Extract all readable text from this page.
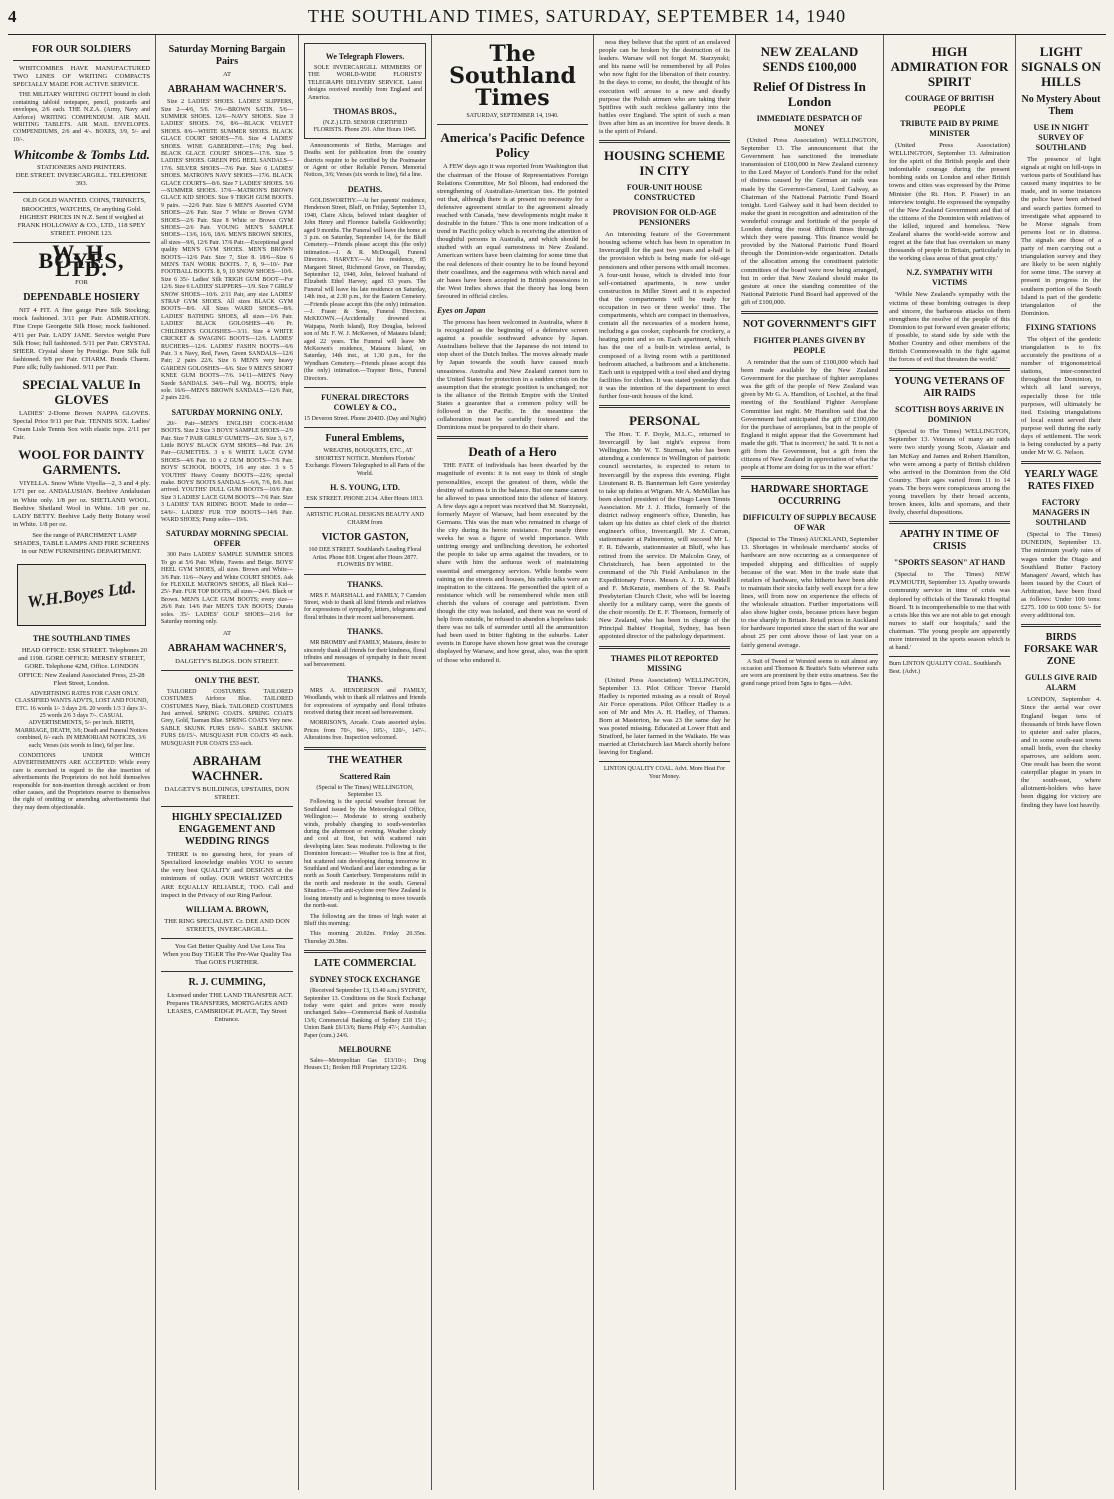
4	THE SOUTHLAND TIMES, SATURDAY, SEPTEMBER 14, 1940
FOR OUR SOLDIERS

WHITCOMBES HAVE MANUFACTURED TWO LINES OF WRITING COMPACTS SPECIALLY MADE FOR ACTIVE SERVICE.

THE MILITARY WRITING OUTFIT bound in cloth containing tabloid notepaper, pencil, postcards and envelopes, 2/6 each. THE N.Z.A. (Army, Navy and Airforce) WRITING COMPENDIUM. AIR MAIL WRITING TABLETS. AIR MAIL ENVELOPES. COMPENDIUMS, 2/6 and 4/-. BOXES, 3/9, 5/- and 10/-.

Whitcombe & Tombs Ltd.
STATIONERS AND PRINTERS.
DEE STREET. INVERCARGILL. TELEPHONE 393.

OLD GOLD WANTED. COINS, TRINKETS, BROOCHES, WATCHES, Or anything Gold. HIGHEST PRICES IN N.Z. Sent if weighed at FRANK HOLLOWAY & CO., LTD., 118 SPEY STREET. PHONE 123.

W. H. BOYES, LTD.
FOR
DEPENDABLE HOSIERY

NIT 4 FIT. A fine gauge Pure Silk Stocking; mock fashioned. 3/11 per Pair. ADMIRATION. Fine Crepe Georgette Silk Hose; mock fashioned. 4/11 per Pair. LADY JANE. Service weight Pure Silk Hose; full fashioned. 5/11 per Pair. CRYSTAL SHEER. Crystal sheer by Prestige. Pure Silk full fashioned. 9/8 per Pair. CHARM. Bonds Charm. Pure silk; fully fashioned. 9/11 per Pair.

SPECIAL VALUE In GLOVES

LADIES' 2-Dome Brown NAPPA GLOVES. Special Price 9/11 per Pair. TENNIS SOX. Ladies' Cream Lisle Tennis Sox with elastic tops. 2/11 per Pair.

WOOL FOR DAINTY GARMENTS.

VIYELLA. Snow White Viyella—2, 3 and 4 ply. 1/71 per oz. ANDALUSIAN. Beehive Andalusian in White only. 1/8 per oz. SHETLAND WOOL. Beehive Shetland Wool in White. 1/8 per oz. LADY BETTY. Beehive Lady Betty Botany wool in White. 1/8 per oz.

See the range of PARCHMENT LAMP SHADES, TABLE LAMPS AND FIRE SCREENS in our NEW FURNISHING DEPARTMENT.

W.H.Boyes Ltd.
THE SOUTHLAND TIMES

HEAD OFFICE: ESK STREET. Telephones 20 and 1198. GORE OFFICE: MERSEY STREET, GORE. Telephone 42M, Office. LONDON OFFICE: New Zealand Associated Press, 23-28 Fleet Street, London.

ADVERTISING RATES FOR CASH ONLY. CLASSIFIED WANTS ADVTS, LOST AND FOUND, ETC. 16 words 1/- 3 days 2/6. 20 words 1/3 3 days 3/-. 25 words 2/6 3 days 7/-. CASUAL ADVERTISEMENTS, 5/- per inch. BIRTH, MARRIAGE, DEATH, 3/6; Death and Funeral Notices combined, 6/- each. IN MEMORIAM NOTICES, 3/6 each; Verses (six words to line), 6d per line.

CONDITIONS UNDER WHICH ADVERTISEMENTS ARE ACCEPTED: While every care is exercised in regard to the due insertion of advertisements the Proprietors do not hold themselves responsible for non-insertion through accident or from other causes, and the Proprietors reserve to themselves the right of omitting or amending advertisements that they may deem objectionable.

Saturday Morning Bargain Pairs
AT
ABRAHAM WACHNER'S.

Size 2 LADIES' SHOES. LADIES' SLIPPERS, Size 2—4/6, 5/6. 7/6—BROWN SATIN. 5/6—SUMMER SHOES. 12/6—NAVY SHOES. Size 3 LADIES' SHOES. 7/6, 8/6—BLACK VELVET SHOES. 8/6—WHITE SUMMER SHOES. BLACK GLACE COURT SHOES—7/6. Size 4 LADIES' SHOES. WINE GABERDINE—17/6; Peg heel. BLACK GLACE COURT SHOES—17/6. Size 5 LADIES' SHOES. GREEN PEG HEEL SANDALS—17/6. SILVER SHOES—7/6 Pair. Size 6 LADIES' SHOES. MATRON'S NAVY SHOES—17/6. BLACK GLACE COURTS—8/6. Size 7 LADIES' SHOES. 5/6—SUMMER SHOES. 17/6—MATRON'S BROWN GLACE KID SHOES. Size 9 TRIGH GUM BOOTS. 9 pairs. —22/6 Pair. Size 6 MEN'S Assorted GYM SHOES—2/6 Pair. Size 7 White or Brown GYM SHOES—2/6 Pair. Size 8 White or Brown GYM SHOES—2/6 Pair. YOUNG MEN'S SAMPLE SHOES—13/6, 16/6, 18/6. MEN'S BROWN SHOES, all sizes—9/6, 12/6 Pair. 17/6 Pair.—Exceptional good quality MEN'S GYM SHOES. MEN'S BROWN BOOTS—12/6 Pair. Size 7, Size 8. 18/6—Size 6 MEN'S TAN WORK BOOTS. 7, 8, 9—10/- Pair FOOTBALL BOOTS. 8, 9, 10 SNOW SHOES—10/6. Size 6 35/- Ladies' Silk TRIGH GUM BOOT—For 12/6. Size 6 LADIES' SLIPPERS—1/9. Size 7 GIRLS' SNOW SHOES—10/6. 2/11 Pair, any size LADIES' STRAP GYM SHOES. All sizes BLACK GYM BOOTS—8/6. All Sizes WARD SHOES—8/6. LADIES' BATHING SHOES, all sizes—1/6 Pair. LADIES' BLACK GOLOSHES—4/6 Pr. CHILDREN'S GOLOSHES—3/11. Size 4 WHITE CRICKET & SWAGING BOOTS—12/6. LADIES' RUCHERS—12/6. LADIES' FASHN BOOTS—6/6 Pair. 3 x Navy, Red, Fawn, Green SANDALS—12/6 Pair; 2 pairs 22/6. Size 6 MEN'S very heavy GARDEN GOLOSHES—6/6. Size 9 MEN'S SHORT KNEE GUM BOOTS—7/6. 14/11—MEN'S Navy Suede SANDALS. 34/6—Full Wg. BOOTS; triple sole. 16/6—MEN'S BROWN SANDALS—12/6 Pair, 2 pairs 22/6.

SATURDAY MORNING ONLY.

20/- Pair—MEN'S ENGLISH COCK-HAM BOOTS. Size 2 Size 3 BOYS' SAMPLE SHOES—2/9 Pair. Size 7 PAIR GIRLS' GUMETS—2/6. Size 3, 6 7, Little BOYS' BLACK GYM SHOES—8d Pair. 2/6 Pair—GUMETTES. 3 x 6 WHITE LACE GYM SHOES—4/6 Pair. 10 x 2 GUM BOOTS—7/6 Pair. BOYS' SCHOOL BOOTS, 1/6 any size. 3 x 5 YOUTHS' Heavy County BOOTS—22/6; special make. BOYS' BOOTS SANDALS—6/6, 7/6, 8/6. Just arrived. YOUTHS' DULL GUM BOOTS—10/6 Pair. Size 3 LADIES' LACE GUM BOOTS—7/6 Pair. Size 3 LADIES' TAN RIDING BOOT. Made to order—£4/6/-. LADIES' FUR TOP BOOTS—14/6 Pair. WARD SHOES; Pump soles—19/6.

SATURDAY MORNING SPECIAL OFFER

300 Pairs LADIES' SAMPLE SUMMER SHOES To go at 5/6 Pair. White, Fawns and Beige. BOYS' HEEL GYM SHOES, all sizes. Brown and White—3/6 Pair. 11/6—Navy and White COURT SHOES. Ask for FLEXILE MATRON'S SHOES, all Black Kid—25/- Pair. FUR TOP BOOTS, all sizes—24/6. Black or Brown. MEN'S LACE GUM BOOTS; every size—26/6 Pair. 14/6 Pair MEN'S TAN BOOTS; Durata soles. 35/- LADIES' GOLF SHOES—21/6 for Saturday morning only.

AT
ABRAHAM WACHNER'S,
DALGETY'S BLDGS. DON STREET.
ONLY THE BEST.

TAILORED COSTUMES. TAILORED COSTUMES Airforce Blue. TAILORED COSTUMES Navy, Black. TAILORED COSTUMES Just arrived. SPRING COATS. SPRING COATS Grey, Gold, Tasman Blue. SPRING COATS Very new. SABLE SKUNK FURS £6/9/-. SABLE SKUNK FURS £6/15/-. MUSQUASH FUR COATS 45 each. MUSQUASH FUR COATS £53 each.

ABRAHAM WACHNER.
DALGETY'S BUILDINGS, UPSTAIRS, DON STREET.
HIGHLY SPECIALIZED ENGAGEMENT AND WEDDING RINGS

THERE is no guessing here, for years of Specialized knowledge enables YOU to secure the very best QUALITY and DESIGNS at the minimum of outlay. OUR WRIST WATCHES ARE EQUALLY RELIABLE, TOO. Call and inspect in the Privacy of our Ring Parlour.

WILLIAM A. BROWN,
THE RING SPECIALIST. Cr. DEE AND DON STREETS, INVERCARGILL.

You Get Better Quality And Use Less Tea When you Buy TIGER The Pre-War Quality Tea That GOES FURTHER.

R. J. CUMMING,

Licensed under THE LAND TRANSFER ACT. Prepares TRANSFERS, MORTGAGES AND LEASES, CAMBRIDGE PLACE, Tay Street Entrance.

We Telegraph Flowers.

SOLE INVERCARGILL MEMBERS OF THE WORLD-WIDE FLORISTS' TELEGRAPH DELIVERY SERVICE. Latest designs received monthly from England and America.

THOMAS BROS.,
(N.Z.) LTD. SENIOR CERTIFIED FLORISTS. Phone 291. After Hours 1045.

Announcements of Births, Marriages and Deaths sent for publication from the country districts require to be certified by the Postmaster or Agent or other Reliable Person. Memorial Notices, 3/6; Verses (six words to line), 6d a line.

DEATHS.

GOLDSWORTHY.—At her parents' residence, Henderson Street, Bluff, on Friday, September 13, 1940, Claire Alicia, beloved infant daughter of John Henry and Florence Isabella Goldsworthy; aged 9 months. The Funeral will leave the home at 3 p.m. on Saturday, September 14, for the Bluff Cemetery.—Friends please accept this (the only) intimation.—J. & R. McDougall, Funeral Directors. HARVEY.—At his residence, 85 Margaret Street, Richmond Grove, on Thursday, September 12, 1940, John, beloved husband of Elizabeth Ethel Harvey; aged 63 years. The Funeral will leave his late residence on Saturday, 14th inst., at 2.30 p.m., for the Eastern Cemetery.—Friends please accept this (the only) intimation.—J. Fraser & Sons, Funeral Directors. McKEOWN.—(Accidentally drowned at Waipapa, North Island), Roy Douglas, beloved son of Mr. F. W. J. McKeown, of Mataura Island; aged 22 years. The Funeral will leave Mr McKeown's residence, Mataura Island, on Saturday, 14th inst., at 1.30 p.m., for the Wyndham Cemetery.—Friends please accept this (the only) intimation.—Traynor Bros., Funeral Directors.

FUNERAL DIRECTORS COWLEY & CO.,
15 Deveron Street. Phone 2040D. (Day and Night)
Funeral Emblems,

WREATHS, BOUQUETS, ETC., AT SHORTEST NOTICE. Members Florists' Exchange. Flowers Telegraphed to all Parts of the World.

H. S. YOUNG, LTD.
ESK STREET. PHONE 2134. After Hours 1813.
ARTISTIC FLORAL DESIGNS BEAUTY AND CHARM from
VICTOR GASTON,
160 DEE STREET. Southland's Leading Floral Artist. Phone 818. Urgent after Hours 2877. FLOWERS BY WIRE.
THANKS.

MRS F. MARSHALL and FAMILY, 7 Camden Street, wish to thank all kind friends and relatives for expressions of sympathy, letters, telegrams and floral tributes in their recent sad bereavement.

THANKS.

MR BROMBY and FAMILY, Mataura, desire to sincerely thank all friends for their kindness, floral tributes and messages of sympathy in their recent sad bereavement.

THANKS.

MRS A. HENDERSON and FAMILY, Woodlands, wish to thank all relatives and friends for expressions of sympathy and floral tributes received during their recent sad bereavement.

MORRISON'S, Arcade. Coats assorted styles. Prices from 70/-, 84/-, 105/-, 120/-, 147/-. Alterations free. Inspection welcomed.

THE WEATHER
Scattered Rain
(Special to The Times) WELLINGTON, September 13.

Following is the special weather forecast for Southland issued by the Meteorological Office, Wellington:— Moderate to strong southerly winds, probably changing to south-westerlies during the afternoon or evening. Weather cloudy and cool at first, but with scattered rain developing later. Seas moderate. Following is the Dominion forecast:— Weather too is fine at first, but scattered rain developing during tomorrow in Southland and Westland and later extending as far north as South Canterbury. Temperatures mild in the north and moderate in the south. General Situation.—The anti-cyclone over New Zealand is losing intensity and is beginning to move towards the north-east.

The following are the times of high water at Bluff this morning:

This morning 20.02m. Friday 20.35m. Thursday 20.38m.

LATE COMMERCIAL
SYDNEY STOCK EXCHANGE

(Received September 13, 13.40 a.m.) SYDNEY, September 13. Conditions on the Stock Exchange today were quiet and prices were mostly unchanged. Sales—Commercial Bank of Australia 13/6; Commercial Banking of Sydney £18 15/-; Union Bank £6/13/6; Burns Philp 47/-; Australian Paper (cum.) 24/6.

MELBOURNE

Sales—Metropolitan Gas £13/10/-; Drug Houses £1; Broken Hill Proprietary £2/2/6.

The Southland Times
SATURDAY, SEPTEMBER 14, 1940.
America's Pacific Defence Policy

A FEW days ago it was reported from Washington that the chairman of the House of Representatives Foreign Relations Committee, Mr Sol Bloom, had endorsed the strengthening of Australian-American ties. He pointed out that, although there is at present no necessity for a defensive agreement similar to the agreement already reached with Canada, 'new developments might make it desirable in the future.' This is one more indication of a trend in Pacific policy which is receiving the attention of thoughtful persons in Australia, and which should be studied with an equal earnestness in New Zealand. American writers have been claiming for some time that the real defences of their country lie to be found beyond their coastlines, and the eagerness with which naval and air bases have been accepted in British possessions in the West Indies shows that the theory has long been favoured in official circles.

Eyes on Japan

The process has been welcomed in Australia, where it is recognized as the beginning of a defensive screen against a possible southward advance by Japan. Australians believe that the Japanese do not intend to stop short of the Dutch Indies. The moves already made by Japan towards the south have caused much uneasiness. Australia and New Zealand cannot turn to the United States for protection in a sudden crisis on the assumption that the strategic position is unchanged; nor is the alliance of the British Empire with the United States a guarantee that a common policy will be followed in the Pacific. In the meantime the collaboration must be carefully fostered and the Dominions must be prepared to do their share.

Death of a Hero

THE FATE of individuals has been dwarfed by the magnitude of events: it is not easy to think of single personalities, except the greatest of them, while the destiny of nations is in the balance. But one name cannot be allowed to pass unnoticed into the silence of history. A few days ago a report was received that M. Starzynski, formerly Mayor of Warsaw, had been executed by the Germans. This was the man who remained in charge of the city during its heroic resistance. For nearly three weeks he was a figure of world importance. With untiring energy and unflinching devotion, he exhorted the people to take up arms against the invaders, or to share with him the arduous work of maintaining essential and emergency services. While bombs were raining on the streets and houses, his radio talks were an inspiration to the citizens. He personified the spirit of a resistance which will be remembered while men still cherish the values of courage and patriotism. Even though the city was isolated, and there was no word of help from outside, he refused to abandon a hopeless task: there was no talk of surrender until all the ammunition had been used in bitter fighting in the suburbs. Later events in Europe have shown how great was the courage displayed by Warsaw, and how great, also, was the spirit of those who endured it.

ness they believe that the spirit of an enslaved people can be broken by the destruction of its leaders. Warsaw will not forget M. Starzynski; and his name will be remembered by all Poles who now fight for the liberation of their country. In the days to come, no doubt, the thought of his execution will arouse to a new and deadly purpose the Polish airmen who are taking their Spitfires with such reckless gallantry into the battles over England. The spirit of such a man lives after him as an incentive for brave deeds. It is the spirit of Poland.

HOUSING SCHEME IN CITY
FOUR-UNIT HOUSE CONSTRUCTED
PROVISION FOR OLD-AGE PENSIONERS

An interesting feature of the Government housing scheme which has been in operation in Invercargill for the past two years and a-half is the provision which is being made for old-age pensioners and other persons with small incomes. A four-unit house, which is divided into four self-contained apartments, is now under construction in Miller Street and it is expected that the compartments will be ready for occupation in two or three weeks' time. The compartments, which are compact in themselves, contain all the necessaries of a modern home, including a gas cooker, cupboards for crockery, a heating point and so on. Each apartment, which has the use of a built-in wireless aerial, is composed of a living room with a partitioned bedroom attached, a bathroom and a kitchenette. Each unit is equipped with a tool shed and drying facilities for clothes. It was stated yesterday that it was the intention of the department to erect further four-unit houses of the kind.

PERSONAL

The Hon. T. F. Doyle, M.L.C., returned to Invercargill by last night's express from Wellington. Mr W. T. Sturman, who has been attending a conference in Wellington of patriotic council secretaries, is expected to return to Invercargill by the express this evening. Flight Lieutenant R. B. Bannerman left Gore yesterday to take up duties at Wigram. Mr A. McMillan has been elected president of the Otago Lawn Tennis Association. Mr J. J. Hicks, formerly of the district railway engineer's office, Dunedin, has taken up his duties as chief clerk of the district engineer's office, Invercargill. Mr J. Curran, stationmaster at Palmerston, will succeed Mr L. F. R. Edwards, stationmaster at Bluff, who has retired from the service. Dr Malcolm Gray, of Christchurch, has been appointed to the command of the 7th Field Ambulance in the Expeditionary Force. Messrs A. J. D. Waddell and F. McKenzie, members of the St. Paul's Presbyterian Church Choir, who will be leaving shortly for a military camp, were the guests of the choir recently. Dr E. F. Thomson, formerly of New Zealand, who has been in charge of the Principal Babies' Hospital, Sydney, has been appointed director of the pathology department.

THAMES PILOT REPORTED MISSING

(United Press Association) WELLINGTON, September 13. Pilot Officer Trevor Harold Hadley is reported missing as a result of Royal Air Force operations. Pilot Officer Hadley is a son of Mr and Mrs A. H. Hadley, of Thames. Born at Masterton, he was 23 the same day he was posted missing. Educated at Lower Hutt and Stratford, he later farmed in the Waikato. He was married at Christchurch last March shortly before leaving for England.

LINTON QUALITY COAL. Advt. More Heat For Your Money.
NEW ZEALAND SENDS £100,000
Relief Of Distress In London
IMMEDIATE DESPATCH OF MONEY

(United Press Association) WELLINGTON, September 13. The announcement that the Government has sanctioned the immediate transmission of £100,000 in New Zealand currency to the Lord Mayor of London's Fund for the relief of distress caused by the German air raids was made by the Governor-General, Lord Galway, as Chairman of the National Patriotic Fund Board tonight. Lord Galway said it had been decided to make the grant in recognition and admiration of the wonderful courage and fortitude of the people of London during the most difficult times through which they were passing. This finance would be provided by the National Patriotic Fund Board through the Dominion-wide organization. Details of the allocation among the constituent patriotic committees of the board were now being arranged, but in order that New Zealand should make its gesture at once the standing committee of the National Patriotic Fund Board had approved of the gift of £100,000.

NOT GOVERNMENT'S GIFT
FIGHTER PLANES GIVEN BY PEOPLE

A reminder that the sum of £100,000 which had been made available by the New Zealand Government for the purchase of fighter aeroplanes was the gift of the people of New Zealand was given by Mr G. A. Hamilton, of Lochiel, at the final meeting of the Southland Fighter Aeroplane Committee last night. Mr Hamilton said that the Government had anticipated the gift of £100,000 for the purchase of aeroplanes, but in the people of England it might appear that the Government had made the gift. 'That is incorrect,' he said. 'It is not a gift from the Government, but a gift from the citizens of New Zealand in appreciation of what the people at Home are doing for us in the war effort.'

HARDWARE SHORTAGE OCCURRING
DIFFICULTY OF SUPPLY BECAUSE OF WAR

(Special to The Times) AUCKLAND, September 13. Shortages in wholesale merchants' stocks of hardware are now occurring as a consequence of impeded shipping and difficulties of supply because of the war. Men in the trade state that retailers of hardware, who hitherto have been able to maintain their stocks fairly well except for a few lines, will from now on experience the effects of the wholesale situation. Further importations will also show higher costs, because prices have begun to rise sharply in Britain. Retail prices in Auckland for hardware imported since the start of the war are about 25 per cent above those of last year on a fairly general average.

A Suit of Tweed or Worsted seems to suit almost any occasion and Thomson & Beattie's Suits wherever suits are worn are prominent by their extra smartness. See the grand range priced from 5gns to 8gns.—Advt.

HIGH ADMIRATION FOR SPIRIT
COURAGE OF BRITISH PEOPLE
TRIBUTE PAID BY PRIME MINISTER

(United Press Association) WELLINGTON, September 13. Admiration for the spirit of the British people and their indomitable courage during the present bombing raids on London and other British towns and cities was expressed by the Prime Minister (the Rt. Hon. P. Fraser) in an interview tonight. He expressed the sympathy of the New Zealand Government and that of the citizens of the Dominion with relatives of the killed, injured and homeless. 'New Zealand shares the world-wide sorrow and regret at the fate that has overtaken so many thousands of people in Britain, particularly in the working class areas of that great city.'

N.Z. SYMPATHY WITH VICTIMS

'While New Zealand's sympathy with the victims of these bombing outrages is deep and sincere, the barbarous attacks on them strengthens the resolve of the people of this Dominion to put forward even greater efforts; if possible, to stand side by side with the Mother Country and other members of the British Commonwealth in the fight against the forces of evil that threaten the world.'

YOUNG VETERANS OF AIR RAIDS
SCOTTISH BOYS ARRIVE IN DOMINION

(Special to The Times) WELLINGTON, September 13. Veterans of many air raids were two sturdy young Scots, Alastair and Ian McKay and James and Robert Hamilton, who were among a party of British children who arrived in the Dominion from the Old Country. Their ages varied from 11 to 14 years. The boys were conspicuous among the young travellers by their broad accents, brown knees, kilts and sporrans, and their lively, cheerful dispositions.

APATHY IN TIME OF CRISIS
"SPORTS SEASON" AT HAND

(Special to The Times) NEW PLYMOUTH, September 13. Apathy towards community service in time of crisis was deplored by officials of the Taranaki Hospital Board. 'It is incomprehensible to me that with a crisis like this we are not able to get enough nurses to staff our hospitals,' said the chairman. 'The young people are apparently more interested in the sports season which is at hand.'

Burn LINTON QUALITY COAL. Southland's Best. (Advt.)
LIGHT SIGNALS ON HILLS
No Mystery About Them
USE IN NIGHT SURVEY OF SOUTHLAND

The presence of light signals at night on hill-tops in various parts of Southland has caused many inquiries to be made, and in some instances the police have been advised and search parties formed to investigate what appeared to be Morse signals from persons lost or in distress. The signals are those of a party of men carrying out a triangulation survey and they are likely to be seen nightly for some time. The survey at present in progress in the southern portion of the South Island is part of the geodetic triangulation of the Dominion.

FIXING STATIONS

The object of the geodetic triangulation is to fix accurately the positions of a number of trigonometrical stations, inter-connected throughout the Dominion, to which all land surveys, especially those for title purposes, will ultimately be tied. Existing triangulations of local extent served their purpose well during the early days of settlement. The work is being conducted by a party under Mr W. G. Nelson.

YEARLY WAGE RATES FIXED
FACTORY MANAGERS IN SOUTHLAND

(Special to The Times) DUNEDIN, September 13. The minimum yearly rates of wages under the Otago and Southland Butter Factory Managers' Award, which has been issued by the Court of Arbitration, have been fixed as follows: Under 100 tons: £275. 100 to 600 tons: 5/- for every additional ton.

BIRDS FORSAKE WAR ZONE
GULLS GIVE RAID ALARM

LONDON, September 4. Since the aerial war over England began tens of thousands of birds have flown to quieter and safer places, and in some south-east towns small birds, even the cheeky sparrows, are seldom seen. One result has been the worst caterpillar plague in years in the south-east, where allotment-holders who have been digging for victory are finding they have lost heavily.
